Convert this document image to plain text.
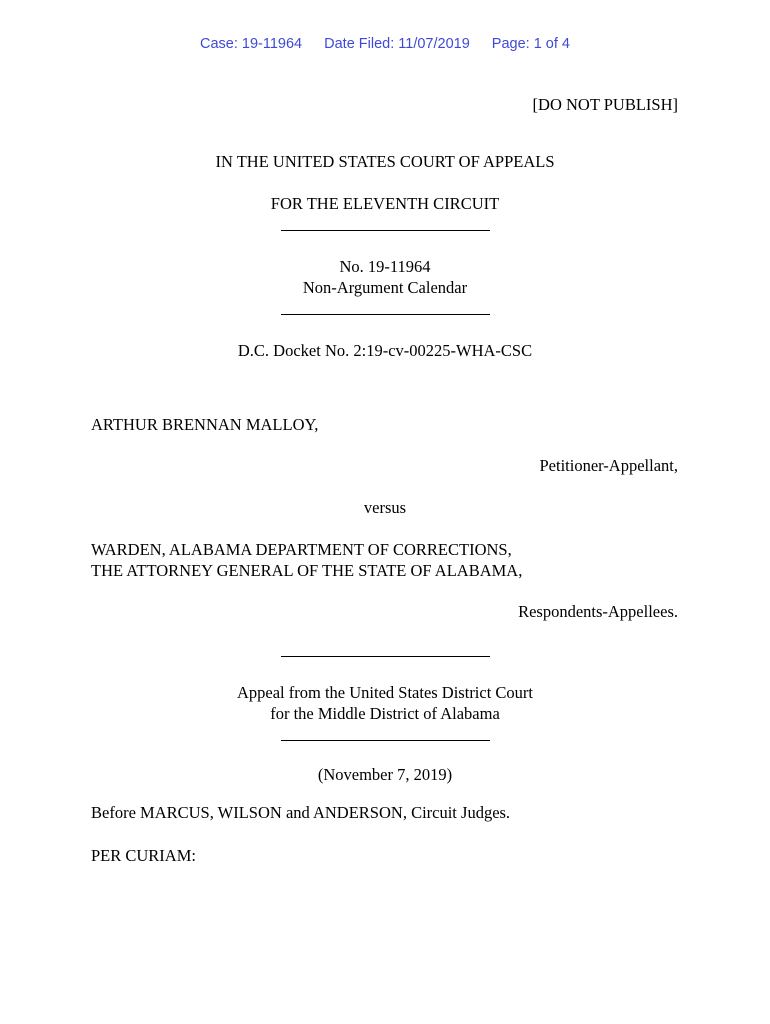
Case: 19-11964 Date Filed: 11/07/2019 Page: 1 of 4
[DO NOT PUBLISH]
IN THE UNITED STATES COURT OF APPEALS
FOR THE ELEVENTH CIRCUIT
No. 19-11964
Non-Argument Calendar
D.C. Docket No. 2:19-cv-00225-WHA-CSC
ARTHUR BRENNAN MALLOY,
Petitioner-Appellant,
versus
WARDEN, ALABAMA DEPARTMENT OF CORRECTIONS,
THE ATTORNEY GENERAL OF THE STATE OF ALABAMA,
Respondents-Appellees.
Appeal from the United States District Court
for the Middle District of Alabama
(November 7, 2019)
Before MARCUS, WILSON and ANDERSON, Circuit Judges.
PER CURIAM:
